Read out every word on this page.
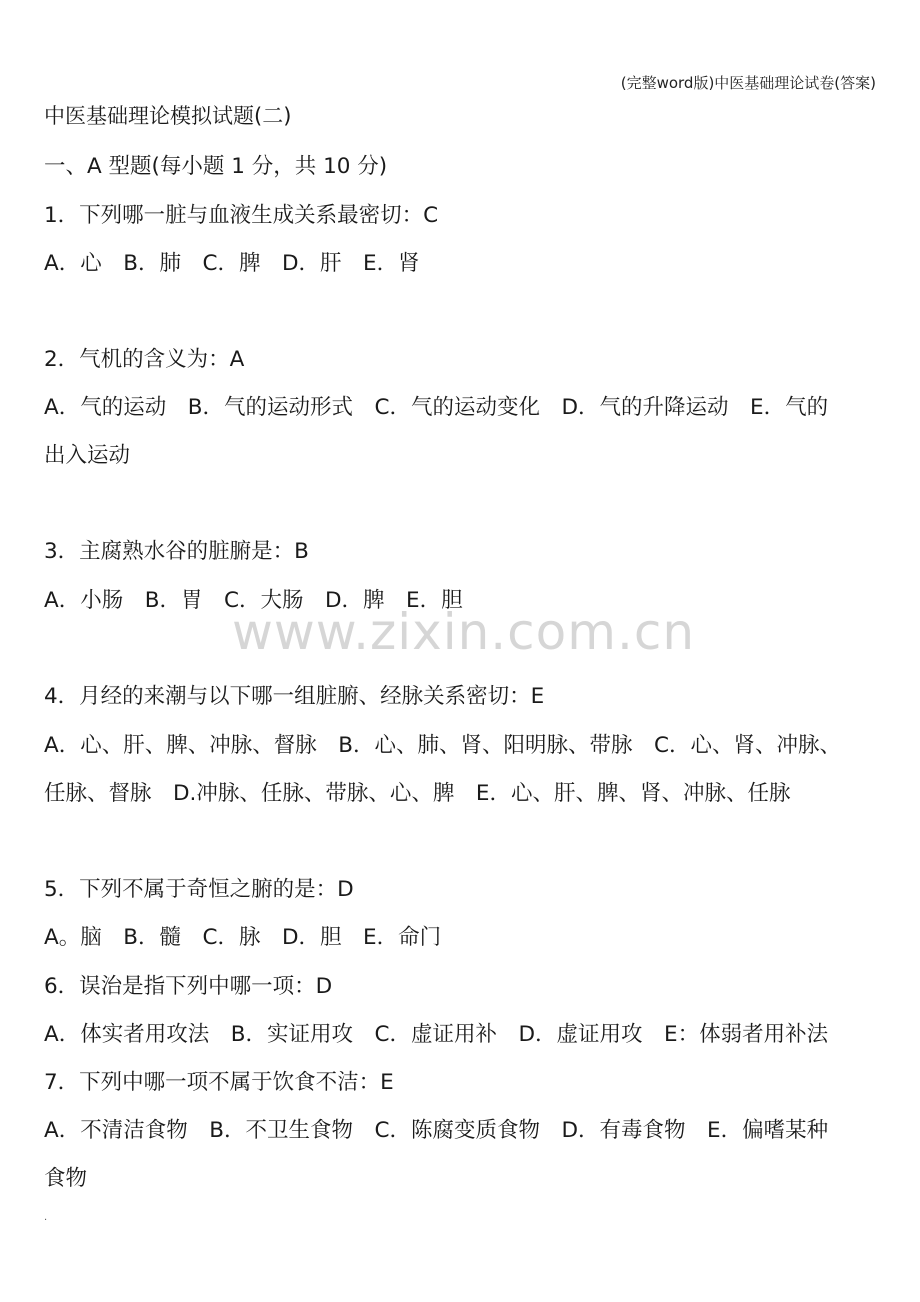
(完整word版)中医基础理论试卷(答案)
中医基础理论模拟试题(二)
一、A 型题(每小题 1 分，共 10 分)
1．下列哪一脏与血液生成关系最密切：C
A．心　B．肺　C．脾　D．肝　E．肾
2．气机的含义为：A
A．气的运动　B．气的运动形式　C．气的运动变化　D．气的升降运动　E．气的
出入运动
3．主腐熟水谷的脏腑是：B
A．小肠　B．胃　C．大肠　D．脾　E．胆
www.zixin.com.cn
4．月经的来潮与以下哪一组脏腑、经脉关系密切：E
A．心、肝、脾、冲脉、督脉　B．心、肺、肾、阳明脉、带脉　C．心、肾、冲脉、
任脉、督脉　D.冲脉、任脉、带脉、心、脾　E．心、肝、脾、肾、冲脉、任脉
5．下列不属于奇恒之腑的是：D
A。脑　B．髓　C．脉　D．胆　E．命门
6．误治是指下列中哪一项：D
A．体实者用攻法　B．实证用攻　C．虚证用补　D．虚证用攻　E：体弱者用补法
7．下列中哪一项不属于饮食不洁：E
A．不清洁食物　B．不卫生食物　C．陈腐变质食物　D．有毒食物　E．偏嗜某种
食物
.
